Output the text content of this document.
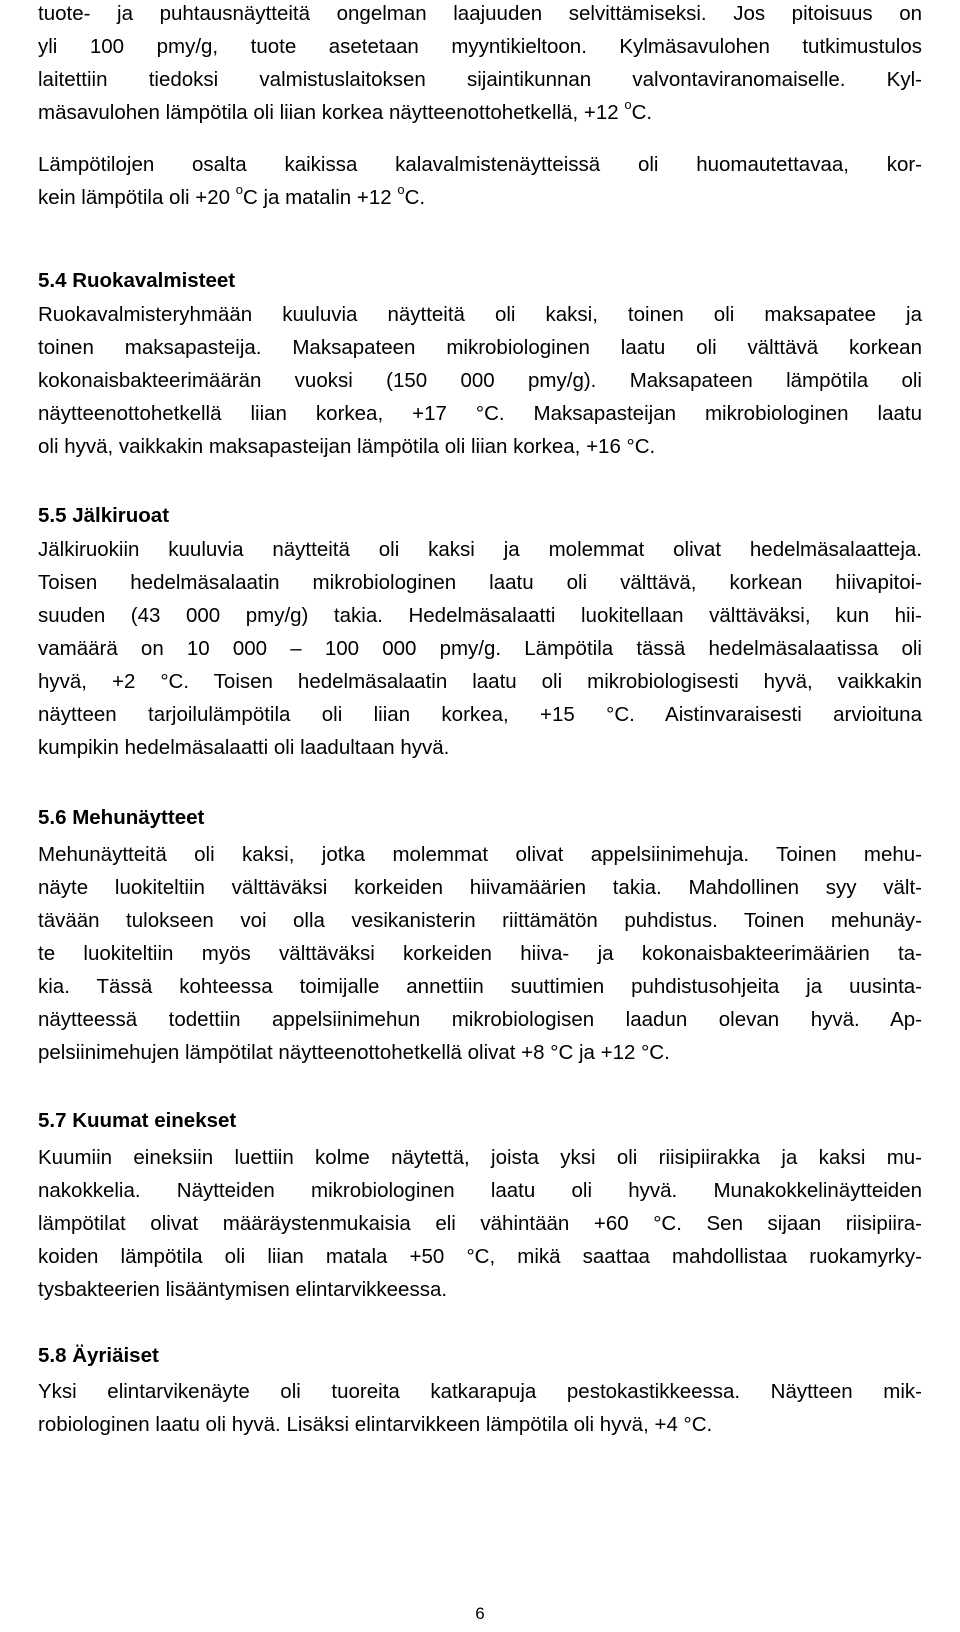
tuote- ja puhtausnäytteitä ongelman laajuuden selvittämiseksi. Jos pitoisuus on
yli 100 pmy/g, tuote asetetaan myyntikieltoon. Kylmäsavulohen tutkimustulos
laitettiin tiedoksi valmistuslaitoksen sijaintikunnan valvontaviranomaiselle. Kyl-
mäsavulohen lämpötila oli liian korkea näytteenottohetkellä, +12 $^o$C.
Lämpötilojen osalta kaikissa kalavalmistenäytteissä oli huomautettavaa, kor-
kein lämpötila oli +20 $^o$C ja matalin +12 $^o$C.
5.4 Ruokavalmisteet
Ruokavalmisteryhmään kuuluvia näytteitä oli kaksi, toinen oli maksapatee ja
toinen maksapasteija. Maksapateen mikrobiologinen laatu oli välttävä korkean
kokonaisbakteerimäärän vuoksi (150 000 pmy/g). Maksapateen lämpötila oli
näytteenottohetkellä liian korkea, +17 °C. Maksapasteijan mikrobiologinen laatu
oli hyvä, vaikkakin maksapasteijan lämpötila oli liian korkea, +16 °C.
5.5 Jälkiruoat
Jälkiruokiin kuuluvia näytteitä oli kaksi ja molemmat olivat hedelmäsalaatteja.
Toisen hedelmäsalaatin mikrobiologinen laatu oli välttävä, korkean hiivapitoi-
suuden (43 000 pmy/g) takia. Hedelmäsalaatti luokitellaan välttäväksi, kun hii-
vamäärä on 10 000 – 100 000 pmy/g. Lämpötila tässä hedelmäsalaatissa oli
hyvä, +2 °C. Toisen hedelmäsalaatin laatu oli mikrobiologisesti hyvä, vaikkakin
näytteen tarjoilulämpötila oli liian korkea, +15 °C. Aistinvaraisesti arvioituna
kumpikin hedelmäsalaatti oli laadultaan hyvä.
5.6 Mehunäytteet
Mehunäytteitä oli kaksi, jotka molemmat olivat appelsiinimehuja. Toinen mehu-
näyte luokiteltiin välttäväksi korkeiden hiivamäärien takia. Mahdollinen syy vält-
tävään tulokseen voi olla vesikanisterin riittämätön puhdistus. Toinen mehunäy-
te luokiteltiin myös välttäväksi korkeiden hiiva- ja kokonaisbakteerimäärien ta-
kia. Tässä kohteessa toimijalle annettiin suuttimien puhdistusohjeita ja uusinta-
näytteessä todettiin appelsiinimehun mikrobiologisen laadun olevan hyvä. Ap-
pelsiinimehujen lämpötilat näytteenottohetkellä olivat +8 °C ja +12 °C.
5.7 Kuumat einekset
Kuumiin eineksiin luettiin kolme näytettä, joista yksi oli riisipiirakka ja kaksi mu-
nakokkelia. Näytteiden mikrobiologinen laatu oli hyvä. Munakokkelinäytteiden
lämpötilat olivat määräystenmukaisia eli vähintään +60 °C. Sen sijaan riisipiira-
koiden lämpötila oli liian matala +50 °C, mikä saattaa mahdollistaa ruokamyrky-
tysbakteerien lisääntymisen elintarvikkeessa.
5.8 Äyriäiset
Yksi elintarvikenäyte oli tuoreita katkarapuja pestokastikkeessa. Näytteen mik-
robiologinen laatu oli hyvä. Lisäksi elintarvikkeen lämpötila oli hyvä, +4 °C.
6
